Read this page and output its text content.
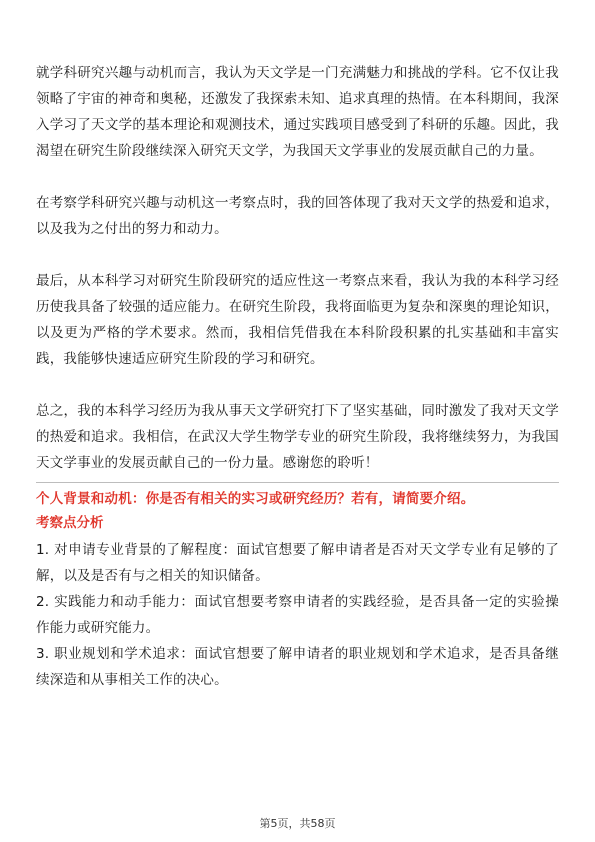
就学科研究兴趣与动机而言，我认为天文学是一门充满魅力和挑战的学科。它不仅让我领略了宇宙的神奇和奥秘，还激发了我探索未知、追求真理的热情。在本科期间，我深入学习了天文学的基本理论和观测技术，通过实践项目感受到了科研的乐趣。因此，我渴望在研究生阶段继续深入研究天文学，为我国天文学事业的发展贡献自己的力量。

在考察学科研究兴趣与动机这一考察点时，我的回答体现了我对天文学的热爱和追求，以及我为之付出的努力和动力。

最后，从本科学习对研究生阶段研究的适应性这一考察点来看，我认为我的本科学习经历使我具备了较强的适应能力。在研究生阶段，我将面临更为复杂和深奥的理论知识，以及更为严格的学术要求。然而，我相信凭借我在本科阶段积累的扎实基础和丰富实践，我能够快速适应研究生阶段的学习和研究。

总之，我的本科学习经历为我从事天文学研究打下了坚实基础，同时激发了我对天文学的热爱和追求。我相信，在武汉大学生物学专业的研究生阶段，我将继续努力，为我国天文学事业的发展贡献自己的一份力量。感谢您的聆听！

个人背景和动机：你是否有相关的实习或研究经历？若有，请简要介绍。

考察点分析

1. 对申请专业背景的了解程度：面试官想要了解申请者是否对天文学专业有足够的了解，以及是否有与之相关的知识储备。

2. 实践能力和动手能力：面试官想要考察申请者的实践经验，是否具备一定的实验操作能力或研究能力。

3. 职业规划和学术追求：面试官想要了解申请者的职业规划和学术追求，是否具备继续深造和从事相关工作的决心。

第5页，共58页
